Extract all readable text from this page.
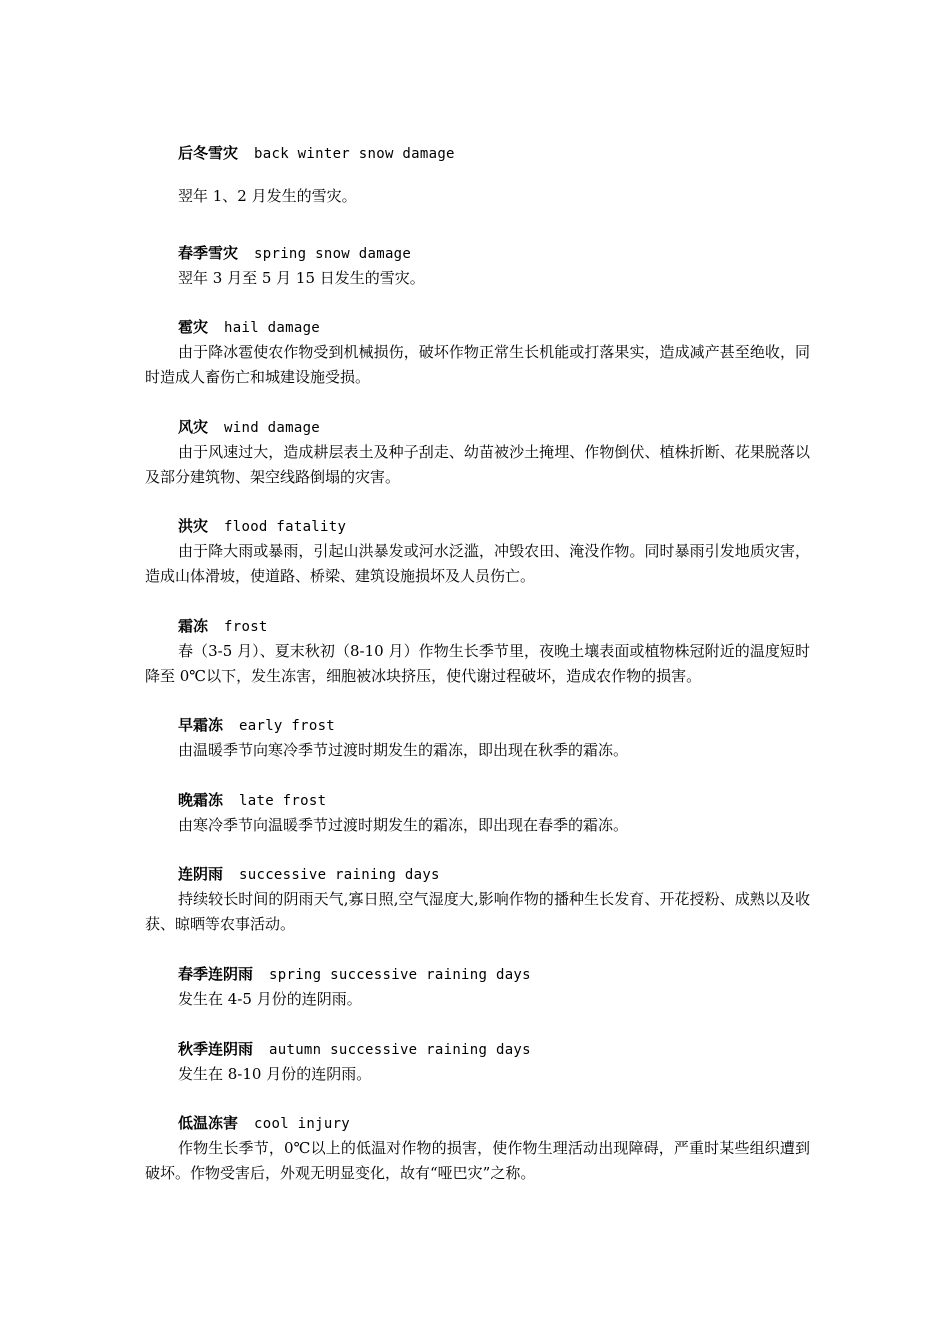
后冬雪灾 back winter snow damage

翌年 1、2 月发生的雪灾。

春季雪灾 spring snow damage

翌年 3 月至 5 月 15 日发生的雪灾。

雹灾 hail damage

由于降冰雹使农作物受到机械损伤，破坏作物正常生长机能或打落果实，造成减产甚至绝收，同时造成人畜伤亡和城建设施受损。

风灾 wind damage

由于风速过大，造成耕层表土及种子刮走、幼苗被沙土掩埋、作物倒伏、植株折断、花果脱落以及部分建筑物、架空线路倒塌的灾害。

洪灾 flood fatality

由于降大雨或暴雨，引起山洪暴发或河水泛滥，冲毁农田、淹没作物。同时暴雨引发地质灾害，造成山体滑坡，使道路、桥梁、建筑设施损坏及人员伤亡。

霜冻 frost

春（3-5 月）、夏末秋初（8-10 月）作物生长季节里，夜晚土壤表面或植物株冠附近的温度短时降至 0℃以下，发生冻害，细胞被冰块挤压，使代谢过程破坏，造成农作物的损害。

早霜冻 early frost

由温暖季节向寒冷季节过渡时期发生的霜冻，即出现在秋季的霜冻。

晚霜冻 late frost

由寒冷季节向温暖季节过渡时期发生的霜冻，即出现在春季的霜冻。

连阴雨 successive raining days

持续较长时间的阴雨天气,寡日照,空气湿度大,影响作物的播种生长发育、开花授粉、成熟以及收获、晾晒等农事活动。

春季连阴雨 spring successive raining days

发生在 4-5 月份的连阴雨。

秋季连阴雨 autumn successive raining days

发生在 8-10 月份的连阴雨。

低温冻害 cool injury

作物生长季节，0℃以上的低温对作物的损害，使作物生理活动出现障碍，严重时某些组织遭到破坏。作物受害后，外观无明显变化，故有“哑巴灾”之称。
